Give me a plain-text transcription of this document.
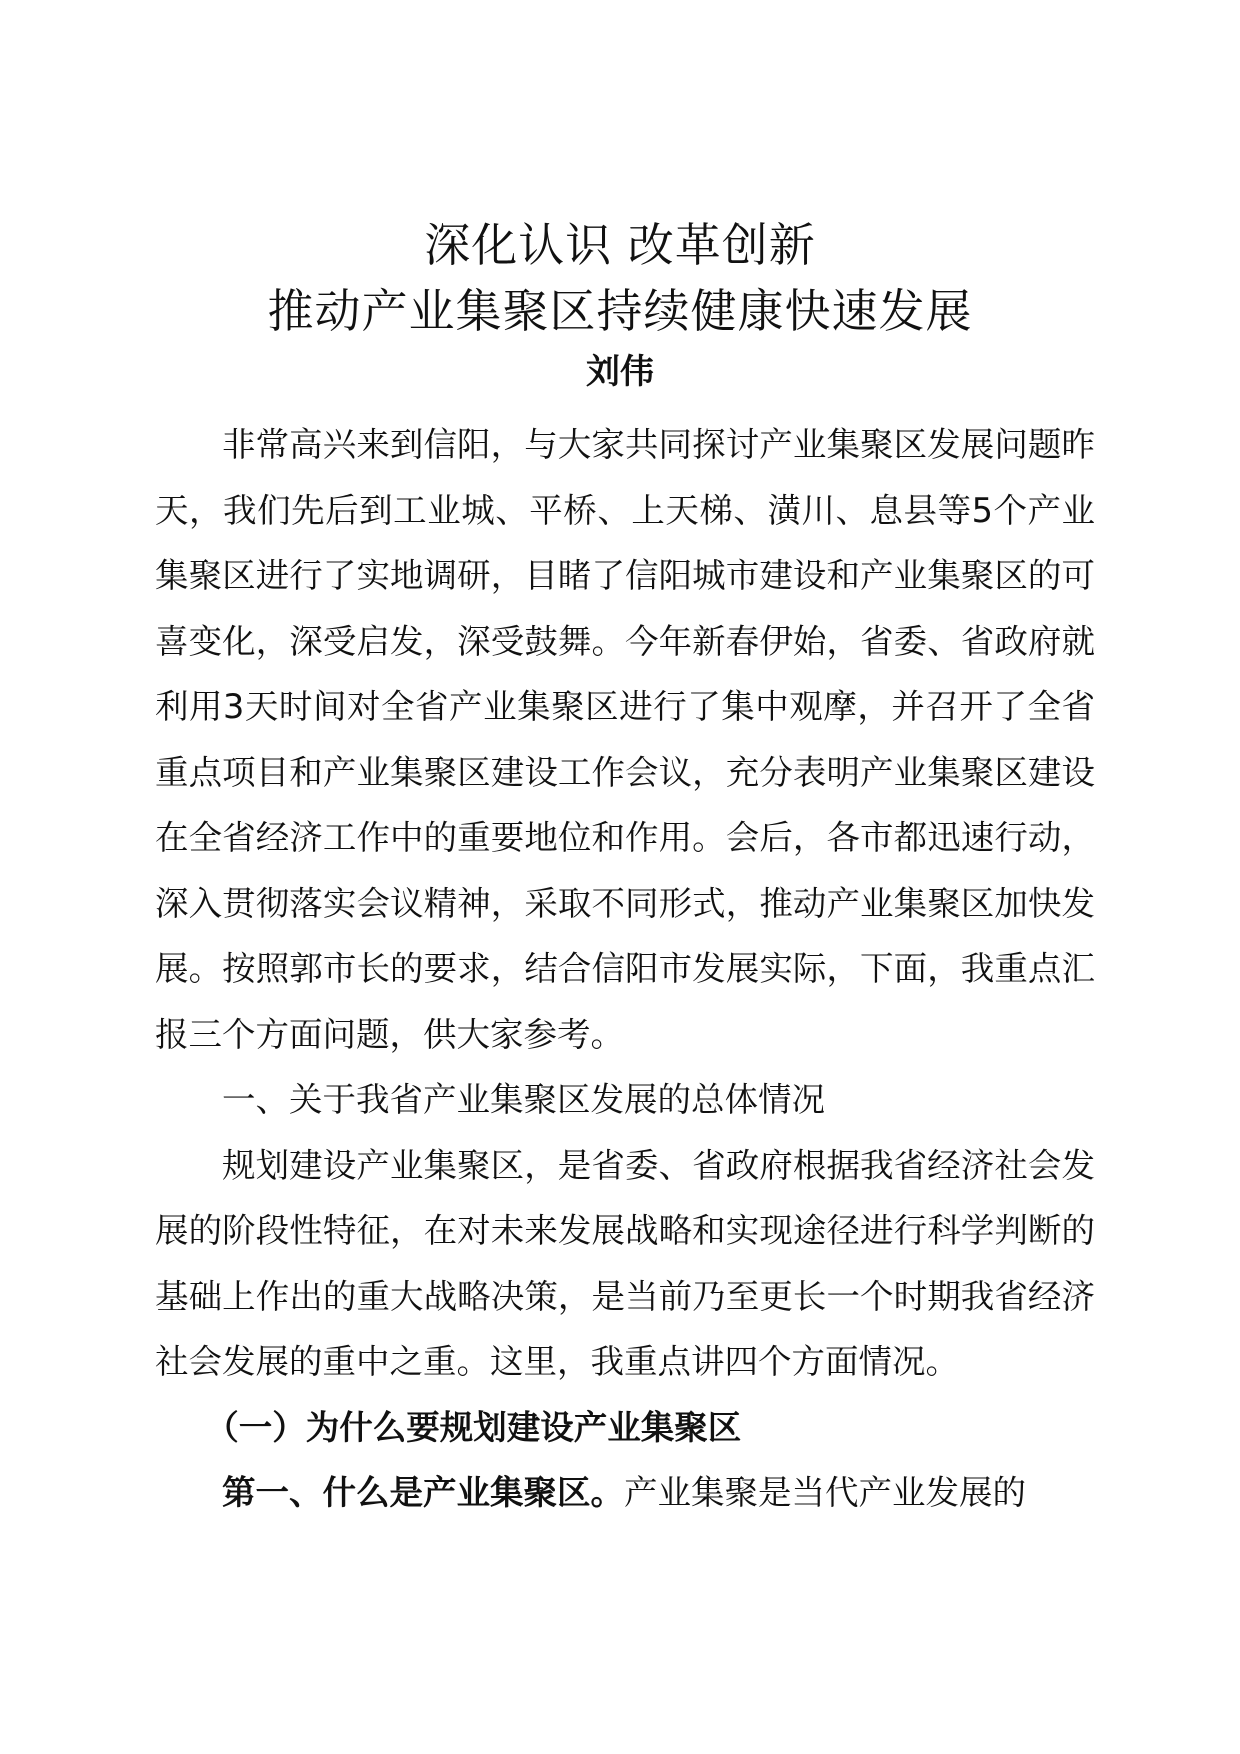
深化认识 改革创新
推动产业集聚区持续健康快速发展
刘伟

非常高兴来到信阳，与大家共同探讨产业集聚区发展问题昨天，我们先后到工业城、平桥、上天梯、潢川、息县等5个产业集聚区进行了实地调研，目睹了信阳城市建设和产业集聚区的可喜变化，深受启发，深受鼓舞。今年新春伊始，省委、省政府就利用3天时间对全省产业集聚区进行了集中观摩，并召开了全省重点项目和产业集聚区建设工作会议，充分表明产业集聚区建设在全省经济工作中的重要地位和作用。会后，各市都迅速行动，深入贯彻落实会议精神，采取不同形式，推动产业集聚区加快发展。按照郭市长的要求，结合信阳市发展实际，下面，我重点汇报三个方面问题，供大家参考。

一、关于我省产业集聚区发展的总体情况

规划建设产业集聚区，是省委、省政府根据我省经济社会发展的阶段性特征，在对未来发展战略和实现途径进行科学判断的基础上作出的重大战略决策，是当前乃至更长一个时期我省经济社会发展的重中之重。这里，我重点讲四个方面情况。

（一）为什么要规划建设产业集聚区

第一、什么是产业集聚区。产业集聚是当代产业发展的
